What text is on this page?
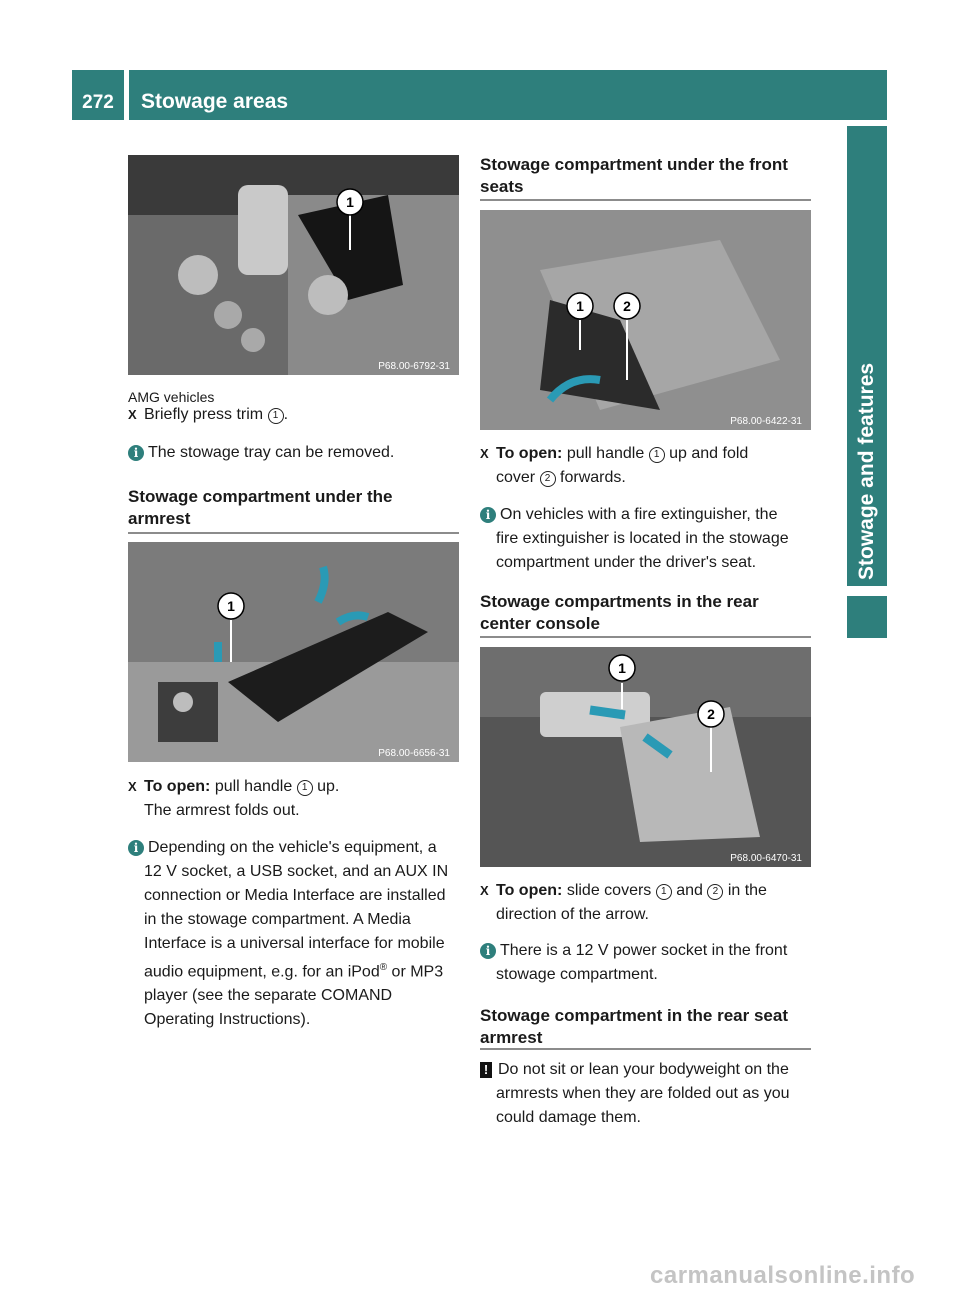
272	Stowage areas
Stowage and features
1
P68.00-6792-31
AMG vehicles
X Briefly press trim 1 .
i The stowage tray can be removed.
Stowage compartment under the armrest
1
P68.00-6656-31
X To open: pull handle 1 up.
The armrest folds out.
i Depending on the vehicle's equipment, a
12 V socket, a USB socket, and an AUX IN
connection or Media Interface are installed
in the stowage compartment. A Media
Interface is a universal interface for mobile
audio equipment, e.g. for an iPod® or MP3
player (see the separate COMAND
Operating Instructions).
Stowage compartment under the front seats
1	2
P68.00-6422-31
X To open: pull handle 1 up and fold
cover 2 forwards.
i On vehicles with a fire extinguisher, the
fire extinguisher is located in the stowage
compartment under the driver's seat.
Stowage compartments in the rear center console
1
2
P68.00-6470-31
X To open: slide covers 1 and 2 in the
direction of the arrow.
i There is a 12 V power socket in the front
stowage compartment.
Stowage compartment in the rear seat armrest
! Do not sit or lean your bodyweight on the
armrests when they are folded out as you
could damage them.
carmanualsonline.info
